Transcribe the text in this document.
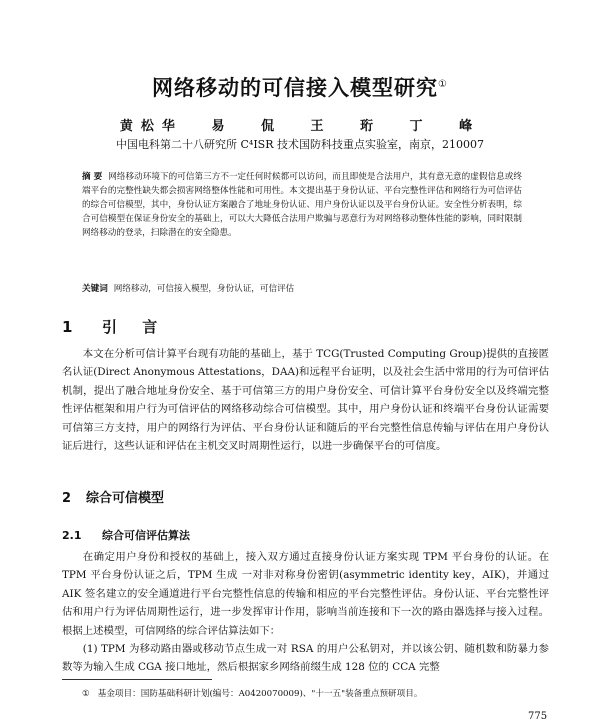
网络移动的可信接入模型研究①
黄松华 易 侃 王 珩 丁 峰
中国电科第二十八研究所 C⁴ISR 技术国防科技重点实验室，南京，210007
摘 要 网络移动环境下的可信第三方不一定任何时候都可以访问，而且即使是合法用户，其有意无意的虚假信息或终端平台的完整性缺失都会损害网络整体性能和可用性。本文提出基于身份认证、平台完整性评估和网络行为可信评估的综合可信模型，其中，身份认证方案融合了地址身份认证、用户身份认证以及平台身份认证。安全性分析表明，综合可信模型在保证身份安全的基础上，可以大大降低合法用户欺骗与恶意行为对网络移动整体性能的影响，同时限制网络移动的登录，扫除潜在的安全隐患。
关键词 网络移动，可信接入模型，身份认证，可信评估
1 引 言
本文在分析可信计算平台现有功能的基础上，基于 TCG(Trusted Computing Group)提供的直接匿名认证(Direct Anonymous Attestations，DAA)和远程平台证明，以及社会生活中常用的行为可信评估机制，提出了融合地址身份安全、基于可信第三方的用户身份安全、可信计算平台身份安全以及终端完整性评估框架和用户行为可信评估的网络移动综合可信模型。其中，用户身份认证和终端平台身份认证需要可信第三方支持，用户的网络行为评估、平台身份认证和随后的平台完整性信息传输与评估在用户身份认证后进行，这些认证和评估在主机交叉时周期性运行，以进一步确保平台的可信度。
2 综合可信模型
2.1 综合可信评估算法
在确定用户身份和授权的基础上，接入双方通过直接身份认证方案实现 TPM 平台身份的认证。在 TPM 平台身份认证之后，TPM 生成 一对非对称身份密钥(asymmetric identity key，AIK)，并通过 AIK 签名建立的安全通道进行平台完整性信息的传输和相应的平台完整性评估。身份认证、平台完整性评估和用户行为评估周期性运行，进一步发挥审计作用，影响当前连接和下一次的路由器选择与接入过程。根据上述模型，可信网络的综合评估算法如下：
(1) TPM 为移动路由器或移动节点生成一对 RSA 的用户公私钥对，并以该公钥、随机数和防暴力参数等为输入生成 CGA 接口地址，然后根据家乡网络前缀生成 128 位的 CCA 完整
① 基金项目：国防基础科研计划(编号：A0420070009)、"十一五"装备重点预研项目。
775
